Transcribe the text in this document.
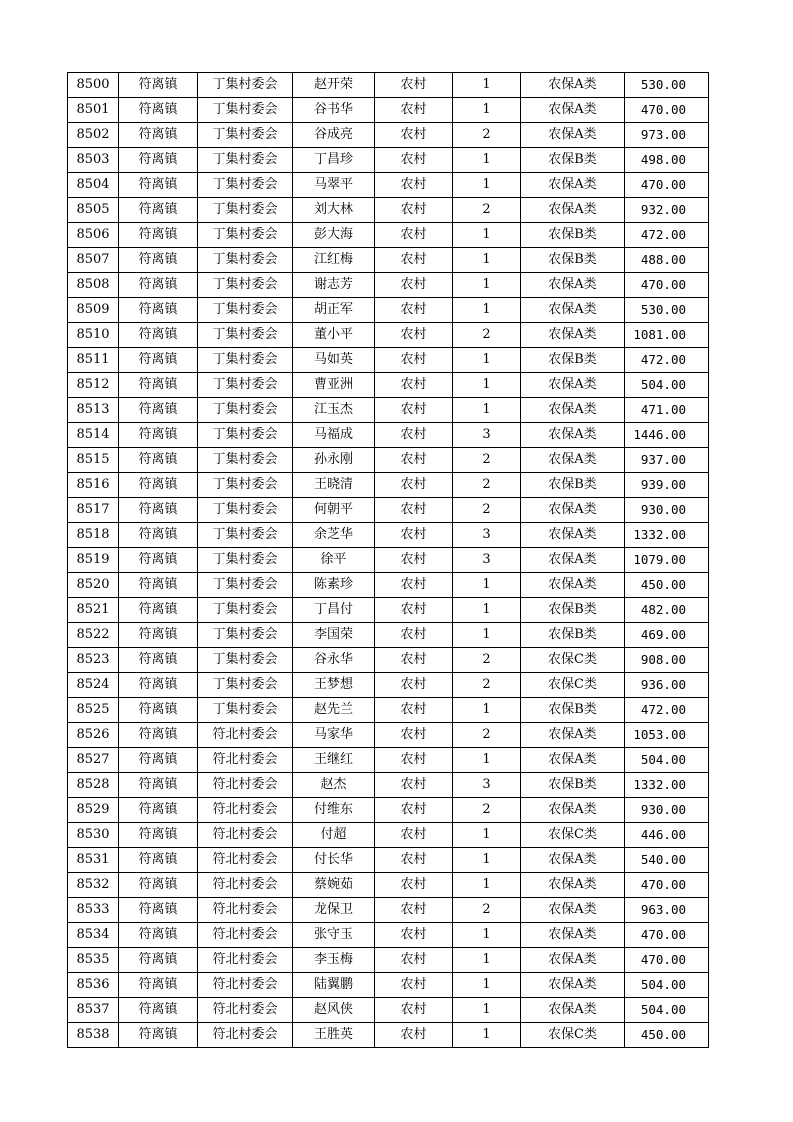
8500	符离镇	丁集村委会	赵开荣	农村	1	农保A类	530.00
8501	符离镇	丁集村委会	谷书华	农村	1	农保A类	470.00
8502	符离镇	丁集村委会	谷成亮	农村	2	农保A类	973.00
8503	符离镇	丁集村委会	丁昌珍	农村	1	农保B类	498.00
8504	符离镇	丁集村委会	马翠平	农村	1	农保A类	470.00
8505	符离镇	丁集村委会	刘大林	农村	2	农保A类	932.00
8506	符离镇	丁集村委会	彭大海	农村	1	农保B类	472.00
8507	符离镇	丁集村委会	江红梅	农村	1	农保B类	488.00
8508	符离镇	丁集村委会	谢志芳	农村	1	农保A类	470.00
8509	符离镇	丁集村委会	胡正军	农村	1	农保A类	530.00
8510	符离镇	丁集村委会	董小平	农村	2	农保A类	1081.00
8511	符离镇	丁集村委会	马如英	农村	1	农保B类	472.00
8512	符离镇	丁集村委会	曹亚洲	农村	1	农保A类	504.00
8513	符离镇	丁集村委会	江玉杰	农村	1	农保A类	471.00
8514	符离镇	丁集村委会	马福成	农村	3	农保A类	1446.00
8515	符离镇	丁集村委会	孙永刚	农村	2	农保A类	937.00
8516	符离镇	丁集村委会	王晓清	农村	2	农保B类	939.00
8517	符离镇	丁集村委会	何朝平	农村	2	农保A类	930.00
8518	符离镇	丁集村委会	余芝华	农村	3	农保A类	1332.00
8519	符离镇	丁集村委会	徐平	农村	3	农保A类	1079.00
8520	符离镇	丁集村委会	陈素珍	农村	1	农保A类	450.00
8521	符离镇	丁集村委会	丁昌付	农村	1	农保B类	482.00
8522	符离镇	丁集村委会	李国荣	农村	1	农保B类	469.00
8523	符离镇	丁集村委会	谷永华	农村	2	农保C类	908.00
8524	符离镇	丁集村委会	王梦想	农村	2	农保C类	936.00
8525	符离镇	丁集村委会	赵先兰	农村	1	农保B类	472.00
8526	符离镇	符北村委会	马家华	农村	2	农保A类	1053.00
8527	符离镇	符北村委会	王继红	农村	1	农保A类	504.00
8528	符离镇	符北村委会	赵杰	农村	3	农保B类	1332.00
8529	符离镇	符北村委会	付维东	农村	2	农保A类	930.00
8530	符离镇	符北村委会	付超	农村	1	农保C类	446.00
8531	符离镇	符北村委会	付长华	农村	1	农保A类	540.00
8532	符离镇	符北村委会	蔡婉茹	农村	1	农保A类	470.00
8533	符离镇	符北村委会	龙保卫	农村	2	农保A类	963.00
8534	符离镇	符北村委会	张守玉	农村	1	农保A类	470.00
8535	符离镇	符北村委会	李玉梅	农村	1	农保A类	470.00
8536	符离镇	符北村委会	陆翼鹏	农村	1	农保A类	504.00
8537	符离镇	符北村委会	赵风侠	农村	1	农保A类	504.00
8538	符离镇	符北村委会	王胜英	农村	1	农保C类	450.00
